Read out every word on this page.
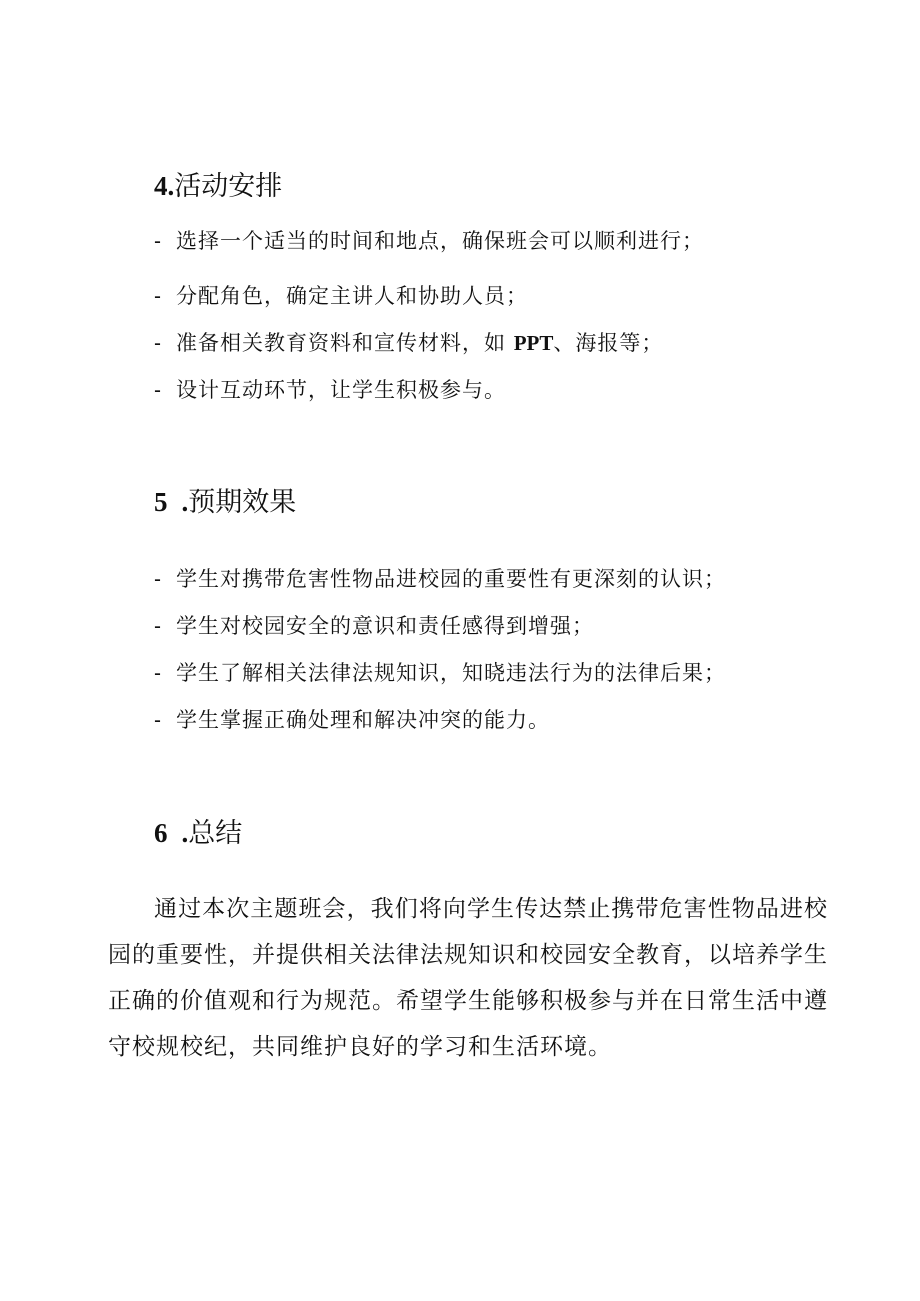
4.活动安排
- 选择一个适当的时间和地点，确保班会可以顺利进行；
- 分配角色，确定主讲人和协助人员；
- 准备相关教育资料和宣传材料，如 PPT、海报等；
- 设计互动环节，让学生积极参与。
5 .预期效果
- 学生对携带危害性物品进校园的重要性有更深刻的认识；
- 学生对校园安全的意识和责任感得到增强；
- 学生了解相关法律法规知识，知晓违法行为的法律后果；
- 学生掌握正确处理和解决冲突的能力。
6 .总结
通过本次主题班会，我们将向学生传达禁止携带危害性物品进校园的重要性，并提供相关法律法规知识和校园安全教育，以培养学生正确的价值观和行为规范。希望学生能够积极参与并在日常生活中遵守校规校纪，共同维护良好的学习和生活环境。
